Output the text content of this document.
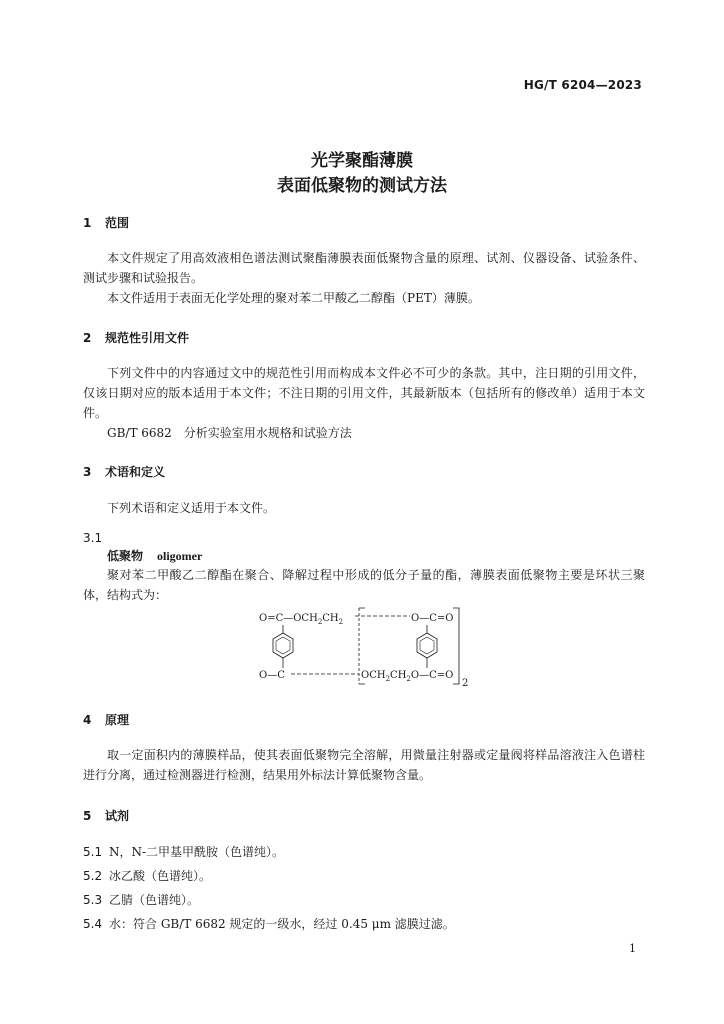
HG/T 6204—2023
光学聚酯薄膜
表面低聚物的测试方法
1 范围
本文件规定了用高效液相色谱法测试聚酯薄膜表面低聚物含量的原理、试剂、仪器设备、试验条件、测试步骤和试验报告。
本文件适用于表面无化学处理的聚对苯二甲酸乙二醇酯（PET）薄膜。
2 规范性引用文件
下列文件中的内容通过文中的规范性引用而构成本文件必不可少的条款。其中，注日期的引用文件，仅该日期对应的版本适用于本文件；不注日期的引用文件，其最新版本（包括所有的修改单）适用于本文件。
GB/T 6682　分析实验室用水规格和试验方法
3 术语和定义
下列术语和定义适用于本文件。
3.1
低聚物 oligomer
聚对苯二甲酸乙二醇酯在聚合、降解过程中形成的低分子量的酯，薄膜表面低聚物主要是环状三聚体，结构式为：
$O=C—OCH_2CH_2$	O—C=O
O—C	$OCH_2CH_2O—C=O$
2
4 原理
取一定面积内的薄膜样品，使其表面低聚物完全溶解，用微量注射器或定量阀将样品溶液注入色谱柱进行分离，通过检测器进行检测，结果用外标法计算低聚物含量。
5 试剂
5.1 N，N-二甲基甲酰胺（色谱纯）。
5.2 冰乙酸（色谱纯）。
5.3 乙腈（色谱纯）。
5.4 水：符合 GB/T 6682 规定的一级水，经过 0.45 μm 滤膜过滤。
1
